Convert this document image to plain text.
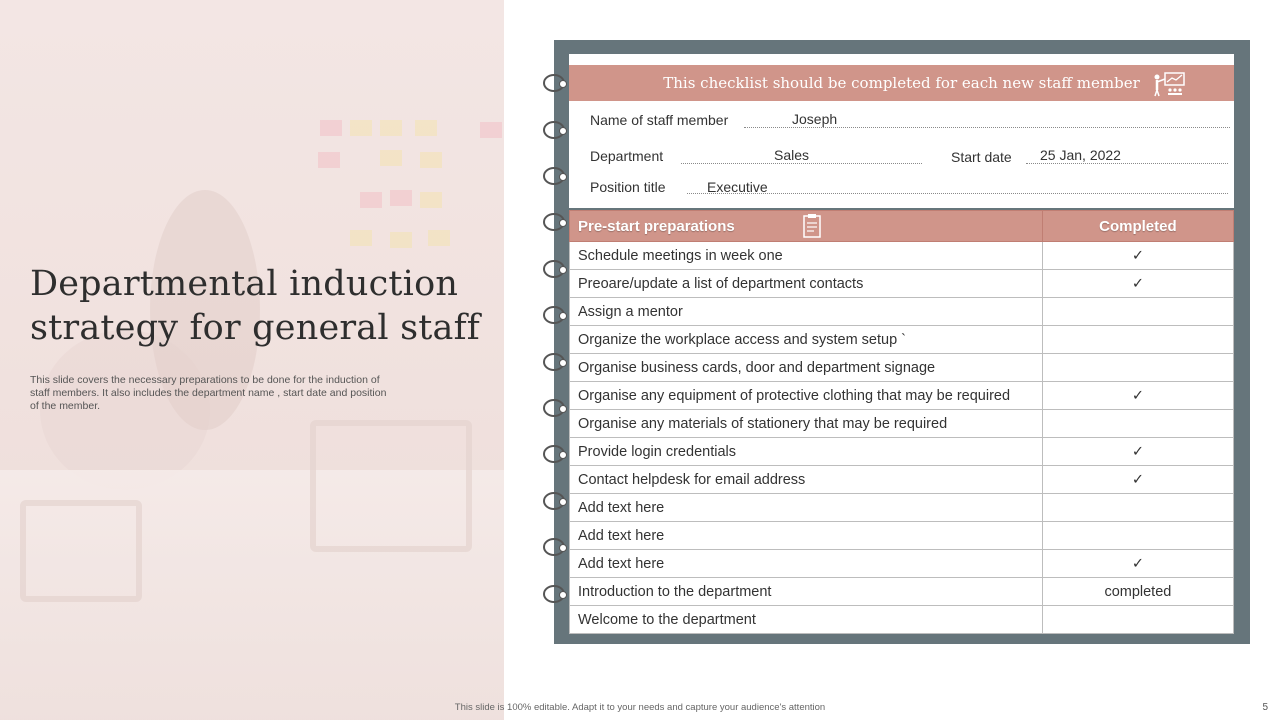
Departmental induction strategy for general staff

This slide covers the necessary preparations to be done for the induction of staff members. It also includes the department name , start date and position of the member.

This checklist should be completed for each new staff member
Name of staff member	Joseph
Department	Sales	Start date 25 Jan, 2022
Position title	Executive
Pre-start preparations	Completed
Schedule meetings in week one	✓
Preoare/update a list of department contacts	✓
Assign a mentor	
Organize the workplace access and system setup `	
Organise business cards, door and department signage	
Organise any equipment of protective clothing that may be required	✓
Organise any materials of stationery that may be required	
Provide login credentials	✓
Contact helpdesk for email address	✓
Add text here	
Add text here	
Add text here	✓
Introduction to the department	completed
Welcome to the department	
This slide is 100% editable. Adapt it to your needs and capture your audience's attention	5
